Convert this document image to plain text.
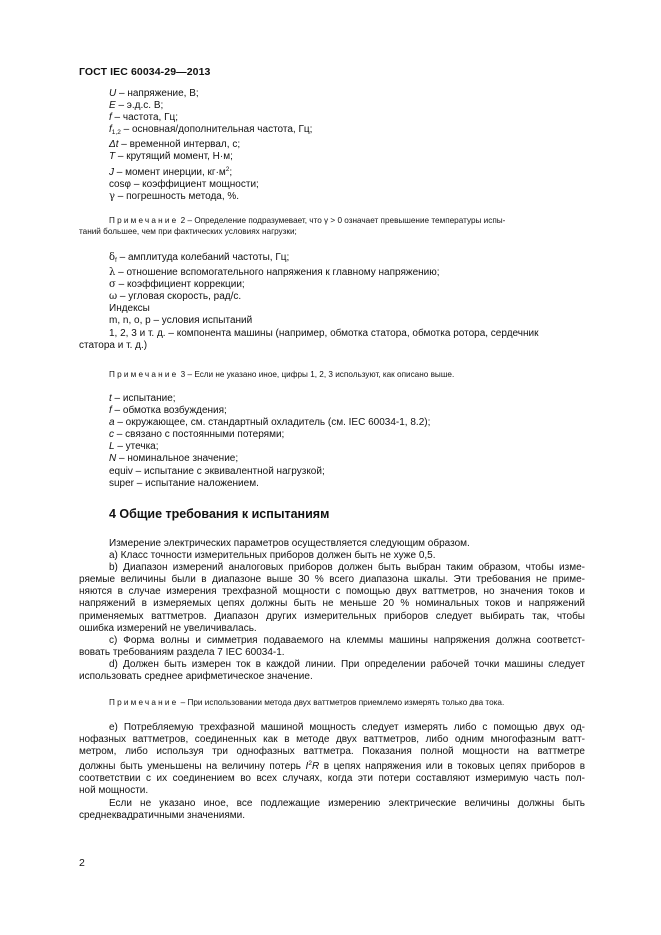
ГОСТ IEC 60034-29—2013
U – напряжение, В;
E – э.д.с. В;
f – частота, Гц;
$f_{1,2}$ – основная/дополнительная частота, Гц;
Δt – временной интервал, с;
T – крутящий момент, Н·м;
J – момент инерции, $кг\cdot м^2$;
cosφ – коэффициент мощности;
γ – погрешность метода, %.
Примечание 2 – Определение подразумевает, что γ > 0 означает превышение температуры испы-
таний большее, чем при фактических условиях нагрузки;
$\delta_f$ – амплитуда колебаний частоты, Гц;
λ – отношение вспомогательного напряжения к главному напряжению;
σ – коэффициент коррекции;
ω – угловая скорость, рад/с.
Индексы
m, n, o, p – условия испытаний
1, 2, 3 и т. д. – компонента машины (например, обмотка статора, обмотка ротора, сердечник
статора и т. д.)
Примечание 3 – Если не указано иное, цифры 1, 2, 3 используют, как описано выше.
t – испытание;
f – обмотка возбуждения;
a – окружающее, см. стандартный охладитель (см. IEC 60034-1, 8.2);
c – связано с постоянными потерями;
L – утечка;
N – номинальное значение;
equiv – испытание с эквивалентной нагрузкой;
super – испытание наложением.
4 Общие требования к испытаниям
Измерение электрических параметров осуществляется следующим образом.
а) Класс точности измерительных приборов должен быть не хуже 0,5.
b) Диапазон измерений аналоговых приборов должен быть выбран таким образом, чтобы изме-
ряемые величины были в диапазоне выше 30 % всего диапазона шкалы. Эти требования не приме-
няются в случае измерения трехфазной мощности с помощью двух ваттметров, но значения токов и
напряжений в измеряемых цепях должны быть не меньше 20 % номинальных токов и напряжений
применяемых ваттметров. Диапазон других измерительных приборов следует выбирать так, чтобы
ошибка измерений не увеличивалась.
c) Форма волны и симметрия подаваемого на клеммы машины напряжения должна соответст-
вовать требованиям раздела 7 IEC 60034-1.
d) Должен быть измерен ток в каждой линии. При определении рабочей точки машины следует
использовать среднее арифметическое значение.
Примечание – При использовании метода двух ваттметров приемлемо измерять только два тока.
e) Потребляемую трехфазной машиной мощность следует измерять либо с помощью двух од-
нофазных ваттметров, соединенных как в методе двух ваттметров, либо одним многофазным ватт-
метром, либо используя три однофазных ваттметра. Показания полной мощности на ваттметре
должны быть уменьшены на величину потерь $I^2R$ в цепях напряжения или в токовых цепях приборов в
соответствии с их соединением во всех случаях, когда эти потери составляют измеримую часть пол-
ной мощности.
Если не указано иное, все подлежащие измерению электрические величины должны быть
среднеквадратичными значениями.
2
